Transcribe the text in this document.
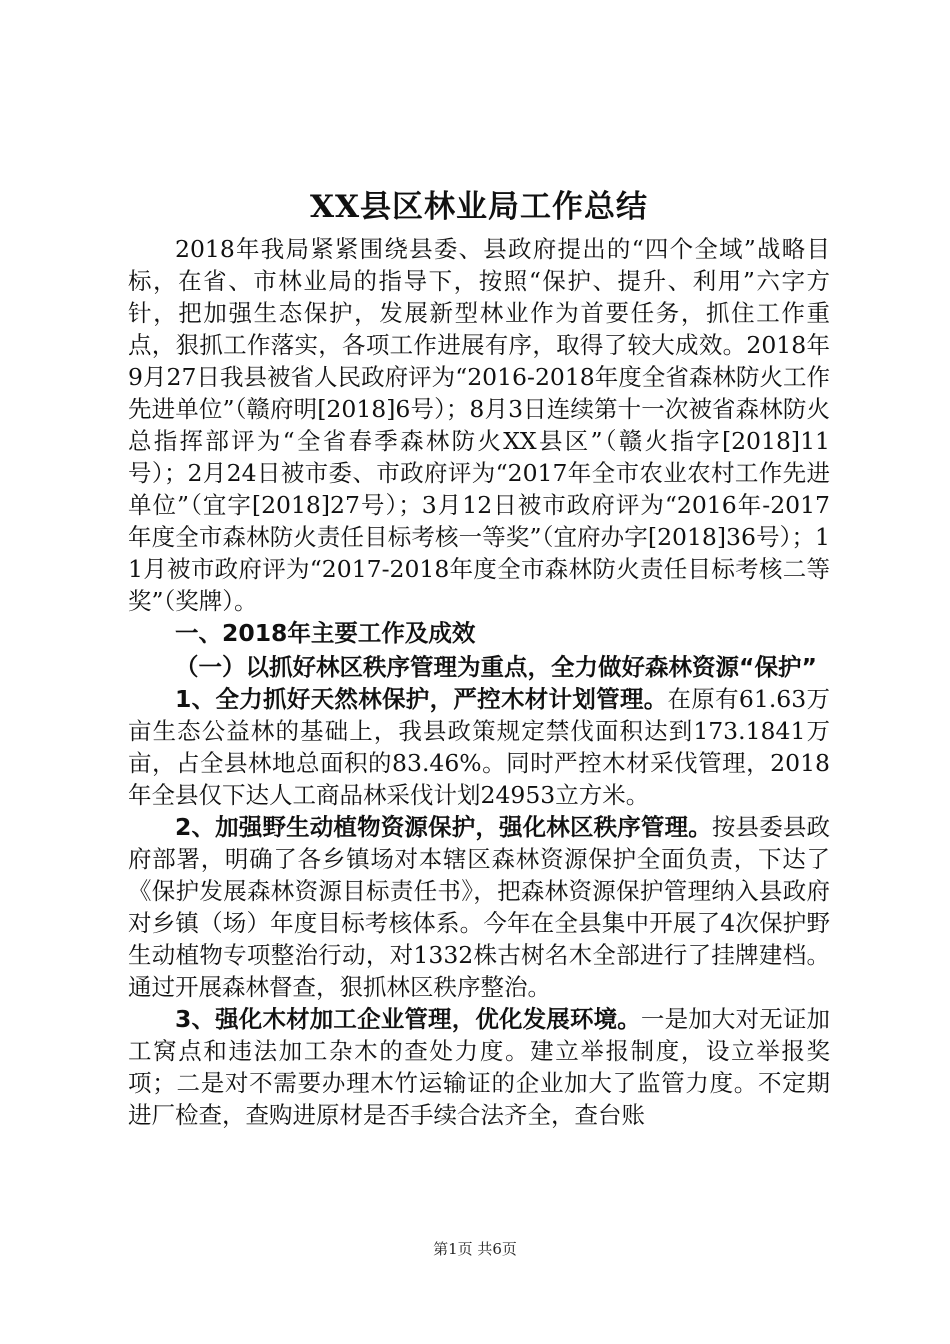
XX县区林业局工作总结

2018年我局紧紧围绕县委、县政府提出的“四个全域”战略目标，在省、市林业局的指导下，按照“保护、提升、利用”六字方针，把加强生态保护，发展新型林业作为首要任务，抓住工作重点，狠抓工作落实，各项工作进展有序，取得了较大成效。2018年9月27日我县被省人民政府评为“2016-2018年度全省森林防火工作先进单位”（赣府明[2018]6号）；8月3日连续第十一次被省森林防火总指挥部评为“全省春季森林防火XX县区”（赣火指字[2018]11号）；2月24日被市委、市政府评为“2017年全市农业农村工作先进单位”（宜字[2018]27号）；3月12日被市政府评为“2016年-2017年度全市森林防火责任目标考核一等奖”（宜府办字[2018]36号）；11月被市政府评为“2017-2018年度全市森林防火责任目标考核二等奖”（奖牌）。

一、2018年主要工作及成效

（一）以抓好林区秩序管理为重点，全力做好森林资源“保护”

1、全力抓好天然林保护，严控木材计划管理。在原有61.63万亩生态公益林的基础上，我县政策规定禁伐面积达到173.1841万亩，占全县林地总面积的83.46%。同时严控木材采伐管理，2018年全县仅下达人工商品林采伐计划24953立方米。

2、加强野生动植物资源保护，强化林区秩序管理。按县委县政府部署，明确了各乡镇场对本辖区森林资源保护全面负责，下达了《保护发展森林资源目标责任书》，把森林资源保护管理纳入县政府对乡镇（场）年度目标考核体系。今年在全县集中开展了4次保护野生动植物专项整治行动，对1332株古树名木全部进行了挂牌建档。通过开展森林督查，狠抓林区秩序整治。

3、强化木材加工企业管理，优化发展环境。一是加大对无证加工窝点和违法加工杂木的查处力度。建立举报制度，设立举报奖项；二是对不需要办理木竹运输证的企业加大了监管力度。不定期进厂检查，查购进原材是否手续合法齐全，查台账

第1页 共6页
